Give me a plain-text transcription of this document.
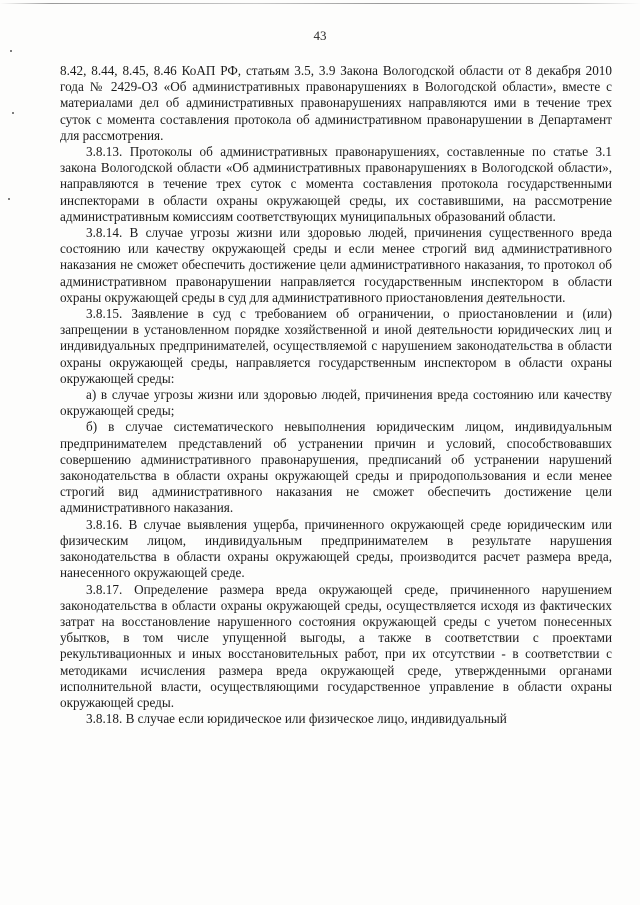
43

8.42, 8.44, 8.45, 8.46 КоАП РФ, статьям 3.5, 3.9 Закона Вологодской области от 8 декабря 2010 года № 2429-ОЗ «Об административных правонарушениях в Вологодской области», вместе с материалами дел об административных правонарушениях направляются ими в течение трех суток с момента составления протокола об административном правонарушении в Департамент для рассмотрения.

3.8.13. Протоколы об административных правонарушениях, составленные по статье 3.1 закона Вологодской области «Об административных правонарушениях в Вологодской области», направляются в течение трех суток с момента составления протокола государственными инспекторами в области охраны окружающей среды, их составившими, на рассмотрение административным комиссиям соответствующих муниципальных образований области.

3.8.14. В случае угрозы жизни или здоровью людей, причинения существенного вреда состоянию или качеству окружающей среды и если менее строгий вид административного наказания не сможет обеспечить достижение цели административного наказания, то протокол об административном правонарушении направляется государственным инспектором в области охраны окружающей среды в суд для административного приостановления деятельности.

3.8.15. Заявление в суд с требованием об ограничении, о приостановлении и (или) запрещении в установленном порядке хозяйственной и иной деятельности юридических лиц и индивидуальных предпринимателей, осуществляемой с нарушением законодательства в области охраны окружающей среды, направляется государственным инспектором в области охраны окружающей среды:

а) в случае угрозы жизни или здоровью людей, причинения вреда состоянию или качеству окружающей среды;

б) в случае систематического невыполнения юридическим лицом, индивидуальным предпринимателем представлений об устранении причин и условий, способствовавших совершению административного правонарушения, предписаний об устранении нарушений законодательства в области охраны окружающей среды и природопользования и если менее строгий вид административного наказания не сможет обеспечить достижение цели административного наказания.

3.8.16. В случае выявления ущерба, причиненного окружающей среде юридическим или физическим лицом, индивидуальным предпринимателем в результате нарушения законодательства в области охраны окружающей среды, производится расчет размера вреда, нанесенного окружающей среде.

3.8.17. Определение размера вреда окружающей среде, причиненного нарушением законодательства в области охраны окружающей среды, осуществляется исходя из фактических затрат на восстановление нарушенного состояния окружающей среды с учетом понесенных убытков, в том числе упущенной выгоды, а также в соответствии с проектами рекультивационных и иных восстановительных работ, при их отсутствии - в соответствии с методиками исчисления размера вреда окружающей среде, утвержденными органами исполнительной власти, осуществляющими государственное управление в области охраны окружающей среды.

3.8.18. В случае если юридическое или физическое лицо, индивидуальный
